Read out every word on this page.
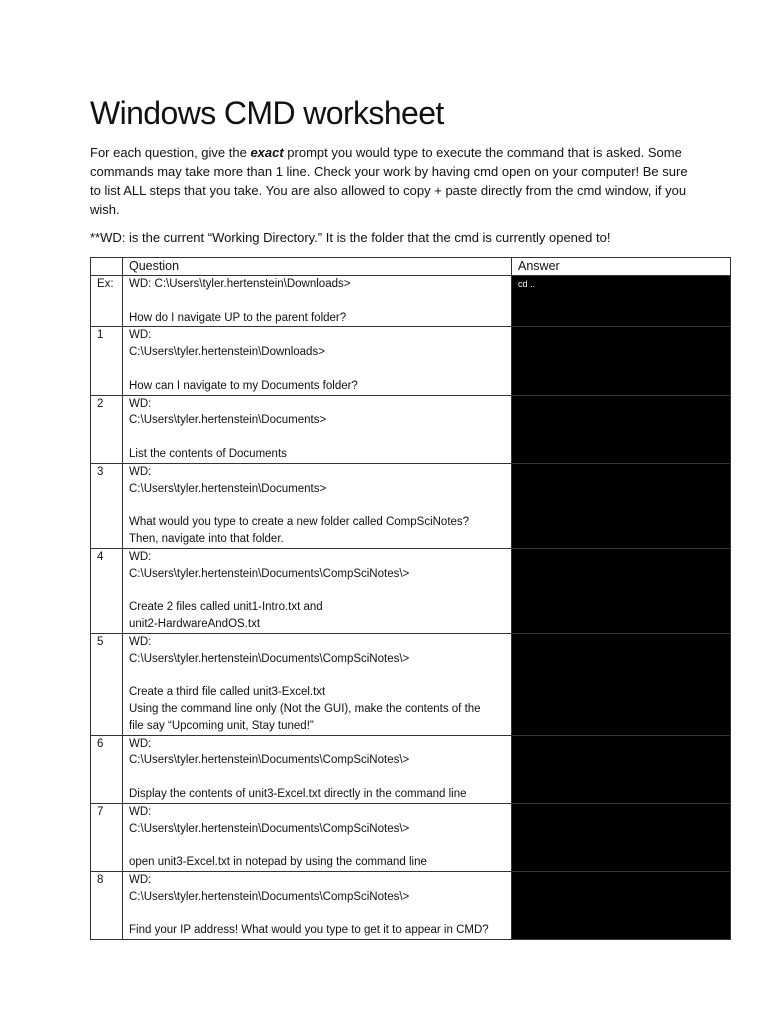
Windows CMD worksheet

For each question, give the exact prompt you would type to execute the command that is asked. Some commands may take more than 1 line. Check your work by having cmd open on your computer! Be sure to list ALL steps that you take. You are also allowed to copy + paste directly from the cmd window, if you wish.

**WD: is the current “Working Directory.” It is the folder that the cmd is currently opened to!

	Question	Answer
Ex:	WD: C:\Users\tyler.hertenstein\Downloads>
How do I navigate UP to the parent folder?	cd ..
1	WD:
C:\Users\tyler.hertenstein\Downloads>
How can I navigate to my Documents folder?	

2	WD:
C:\Users\tyler.hertenstein\Documents>
List the contents of Documents	

3	WD:
C:\Users\tyler.hertenstein\Documents>
What would you type to create a new folder called CompSciNotes?
Then, navigate into that folder.	

4	WD:
C:\Users\tyler.hertenstein\Documents\CompSciNotes\>
Create 2 files called unit1-Intro.txt and
unit2-HardwareAndOS.txt	

5	WD:
C:\Users\tyler.hertenstein\Documents\CompSciNotes\>
Create a third file called unit3-Excel.txt
Using the command line only (Not the GUI), make the contents of the
file say “Upcoming unit, Stay tuned!”	

6	WD:
C:\Users\tyler.hertenstein\Documents\CompSciNotes\>
Display the contents of unit3-Excel.txt directly in the command line	

7	WD:
C:\Users\tyler.hertenstein\Documents\CompSciNotes\>
open unit3-Excel.txt in notepad by using the command line	

8	WD:
C:\Users\tyler.hertenstein\Documents\CompSciNotes\>
Find your IP address! What would you type to get it to appear in CMD?	
